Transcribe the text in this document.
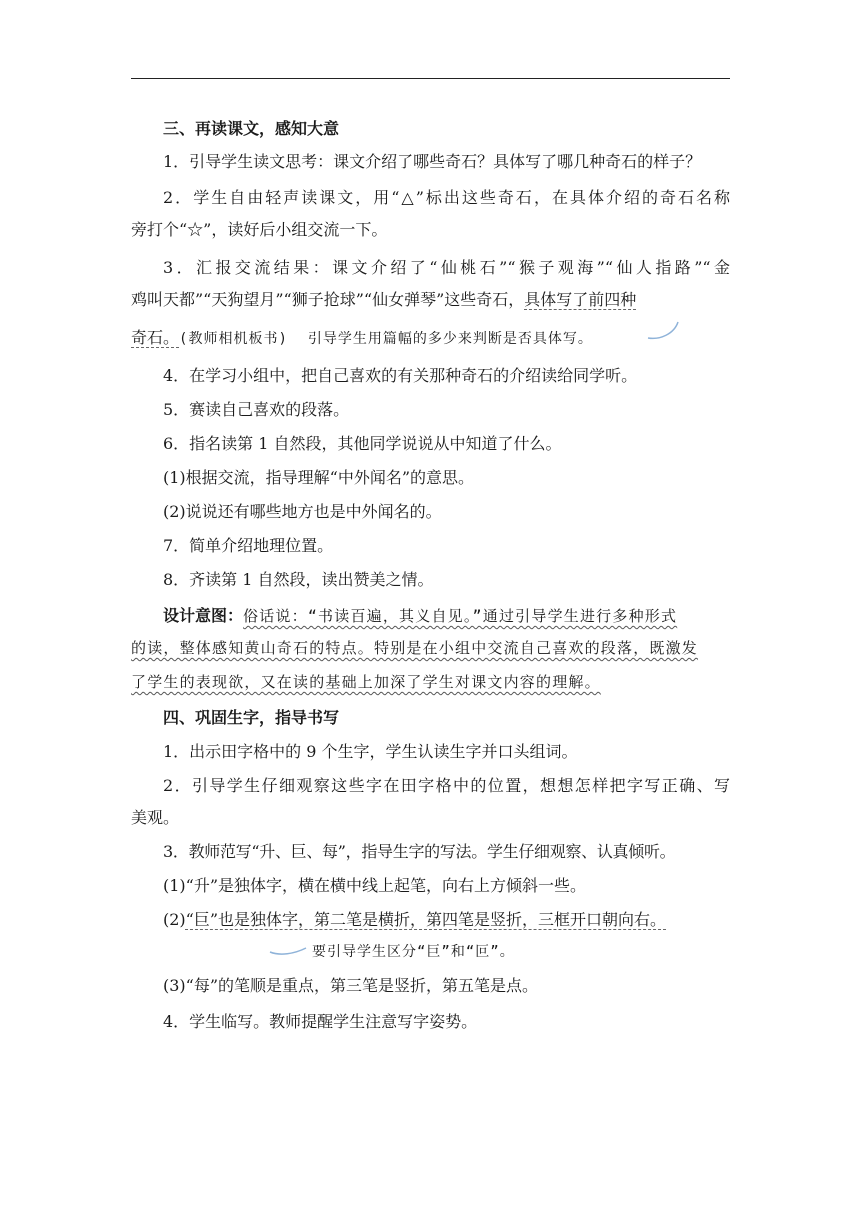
三、再读课文，感知大意
1．引导学生读文思考：课文介绍了哪些奇石？具体写了哪几种奇石的样子？
2．学生自由轻声读课文，用“△”标出这些奇石，在具体介绍的奇石名称
旁打个“☆”，读好后小组交流一下。
3．汇报交流结果：课文介绍了“仙桃石”“猴子观海”“仙人指路”“金
鸡叫天都”“天狗望月”“狮子抢球”“仙女弹琴”这些奇石，具体写了前四种
奇石。(教师相机板书) 引导学生用篇幅的多少来判断是否具体写。
4．在学习小组中，把自己喜欢的有关那种奇石的介绍读给同学听。
5．赛读自己喜欢的段落。
6．指名读第 1 自然段，其他同学说说从中知道了什么。
(1)根据交流，指导理解“中外闻名”的意思。
(2)说说还有哪些地方也是中外闻名的。
7．简单介绍地理位置。
8．齐读第 1 自然段，读出赞美之情。
设计意图：俗话说：“书读百遍，其义自见。”通过引导学生进行多种形式
的读，整体感知黄山奇石的特点。特别是在小组中交流自己喜欢的段落，既激发
了学生的表现欲，又在读的基础上加深了学生对课文内容的理解。
四、巩固生字，指导书写
1．出示田字格中的 9 个生字，学生认读生字并口头组词。
2．引导学生仔细观察这些字在田字格中的位置，想想怎样把字写正确、写
美观。
3．教师范写“升、巨、每”，指导生字的写法。学生仔细观察、认真倾听。
(1)“升”是独体字，横在横中线上起笔，向右上方倾斜一些。
(2)“巨”也是独体字，第二笔是横折，第四笔是竖折，三框开口朝向右。
要引导学生区分“巨”和“叵”。
(3)“每”的笔顺是重点，第三笔是竖折，第五笔是点。
4．学生临写。教师提醒学生注意写字姿势。
